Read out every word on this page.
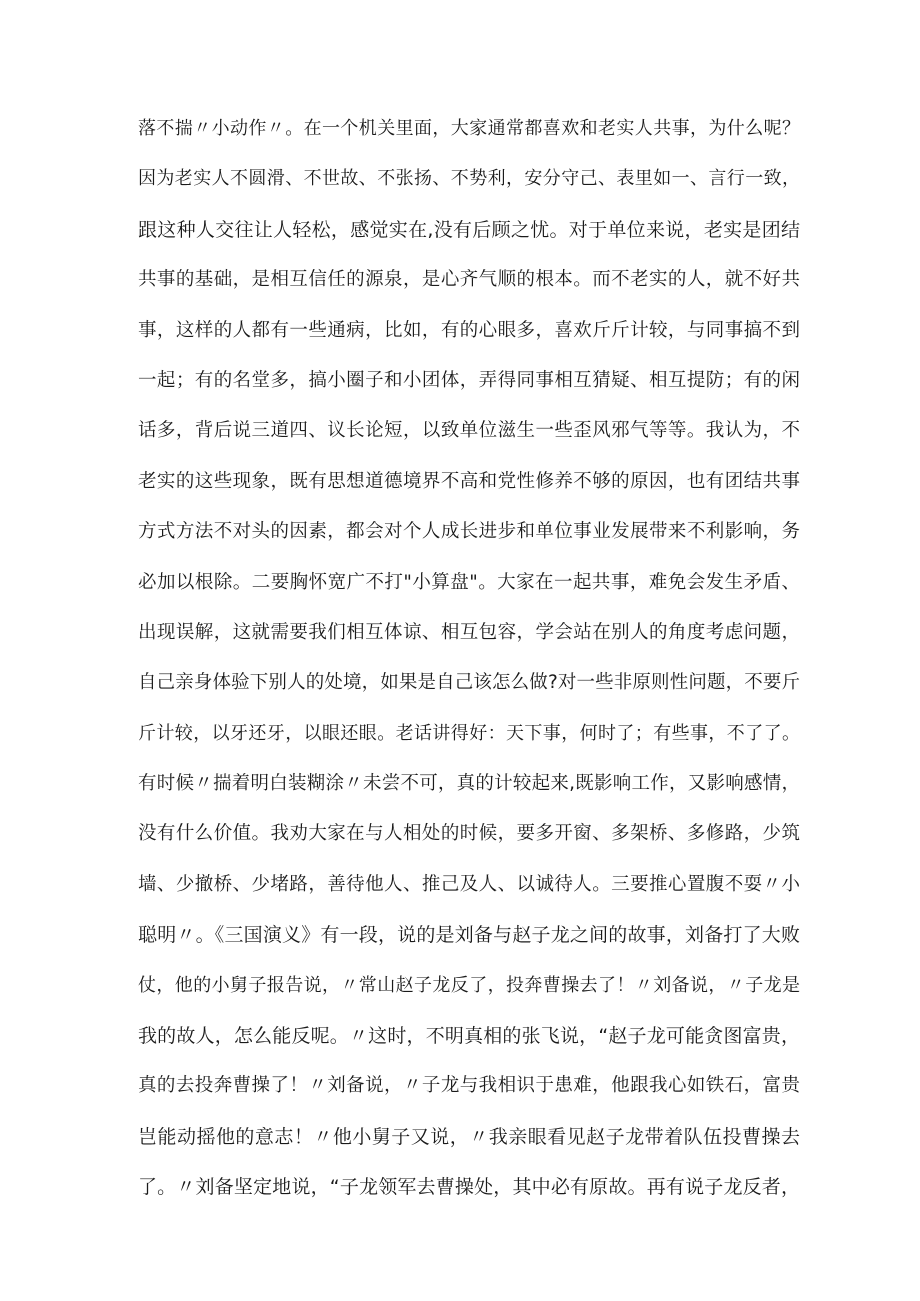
落不揣〃小动作〃。在一个机关里面，大家通常都喜欢和老实人共事，为什么呢？
因为老实人不圆滑、不世故、不张扬、不势利，安分守己、表里如一、言行一致，
跟这种人交往让人轻松，感觉实在,没有后顾之忧。对于单位来说，老实是团结
共事的基础，是相互信任的源泉，是心齐气顺的根本。而不老实的人，就不好共
事，这样的人都有一些通病，比如，有的心眼多，喜欢斤斤计较，与同事搞不到
一起；有的名堂多，搞小圈子和小团体，弄得同事相互猜疑、相互提防；有的闲
话多，背后说三道四、议长论短，以致单位滋生一些歪风邪气等等。我认为，不
老实的这些现象，既有思想道德境界不高和党性修养不够的原因，也有团结共事
方式方法不对头的因素，都会对个人成长进步和单位事业发展带来不利影响，务
必加以根除。二要胸怀宽广不打"小算盘"。大家在一起共事，难免会发生矛盾、
出现误解，这就需要我们相互体谅、相互包容，学会站在别人的角度考虑问题，
自己亲身体验下别人的处境，如果是自己该怎么做?对一些非原则性问题，不要斤
斤计较，以牙还牙，以眼还眼。老话讲得好：天下事，何时了；有些事，不了了。
有时候〃揣着明白装糊涂〃未尝不可，真的计较起来,既影响工作，又影响感情，
没有什么价值。我劝大家在与人相处的时候，要多开窗、多架桥、多修路，少筑
墙、少撤桥、少堵路，善待他人、推己及人、以诚待人。三要推心置腹不耍〃小
聪明〃。《三国演义》有一段，说的是刘备与赵子龙之间的故事，刘备打了大败
仗，他的小舅子报告说，〃常山赵子龙反了，投奔曹操去了！〃刘备说，〃子龙是
我的故人，怎么能反呢。〃这时，不明真相的张飞说，“赵子龙可能贪图富贵，
真的去投奔曹操了！〃刘备说，〃子龙与我相识于患难，他跟我心如铁石，富贵
岂能动摇他的意志！〃他小舅子又说，〃我亲眼看见赵子龙带着队伍投曹操去
了。〃刘备坚定地说，“子龙领军去曹操处，其中必有原故。再有说子龙反者，
